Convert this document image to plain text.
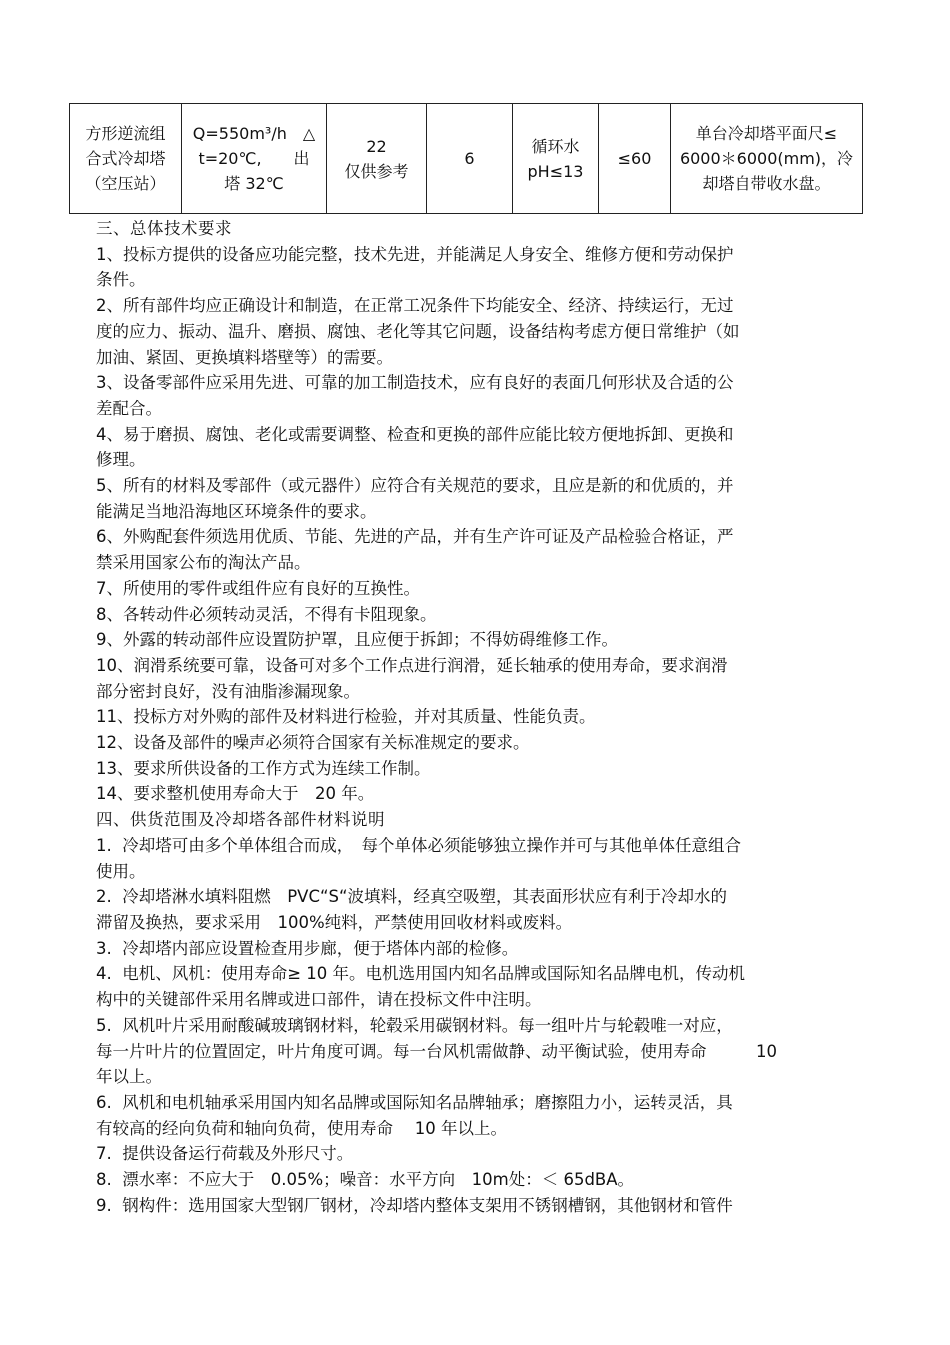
方形逆流组
合式冷却塔
（空压站）

Q=550m³/h　△
t=20℃,　　出
塔 32℃

22
仅供参考

6

循环水
pH≤13

≤60

单台冷却塔平面尺≤
6000＊6000(mm)，冷
却塔自带收水盘。

三、总体技术要求

1、投标方提供的设备应功能完整，技术先进，并能满足人身安全、维修方便和劳动保护

条件。

2、所有部件均应正确设计和制造，在正常工况条件下均能安全、经济、持续运行，无过

度的应力、振动、温升、磨损、腐蚀、老化等其它问题，设备结构考虑方便日常维护（如

加油、紧固、更换填料塔壁等）的需要。

3、设备零部件应采用先进、可靠的加工制造技术，应有良好的表面几何形状及合适的公

差配合。

4、易于磨损、腐蚀、老化或需要调整、检查和更换的部件应能比较方便地拆卸、更换和

修理。

5、所有的材料及零部件（或元器件）应符合有关规范的要求，且应是新的和优质的，并

能满足当地沿海地区环境条件的要求。

6、外购配套件须选用优质、节能、先进的产品，并有生产许可证及产品检验合格证，严

禁采用国家公布的淘汰产品。

7、所使用的零件或组件应有良好的互换性。

8、各转动件必须转动灵活，不得有卡阻现象。

9、外露的转动部件应设置防护罩，且应便于拆卸；不得妨碍维修工作。

10、润滑系统要可靠，设备可对多个工作点进行润滑，延长轴承的使用寿命，要求润滑

部分密封良好，没有油脂渗漏现象。

11、投标方对外购的部件及材料进行检验，并对其质量、性能负责。

12、设备及部件的噪声必须符合国家有关标准规定的要求。

13、要求所供设备的工作方式为连续工作制。

14、要求整机使用寿命大于　20 年。

四、供货范围及冷却塔各部件材料说明

1.  冷却塔可由多个单体组合而成，　每个单体必须能够独立操作并可与其他单体任意组合

使用。

2.  冷却塔淋水填料阻燃　PVC“S“波填料，经真空吸塑，其表面形状应有利于冷却水的

滞留及换热，要求采用　100%纯料，严禁使用回收材料或废料。

3.  冷却塔内部应设置检查用步廊，便于塔体内部的检修。

4.  电机、风机：使用寿命≥ 10 年。电机选用国内知名品牌或国际知名品牌电机，传动机

构中的关键部件采用名牌或进口部件，请在投标文件中注明。

5.  风机叶片采用耐酸碱玻璃钢材料，轮毂采用碳钢材料。每一组叶片与轮毂唯一对应，

每一片叶片的位置固定，叶片角度可调。每一台风机需做静、动平衡试验，使用寿命　　　10

年以上。

6.  风机和电机轴承采用国内知名品牌或国际知名品牌轴承；磨擦阻力小，运转灵活，具

有较高的经向负荷和轴向负荷，使用寿命　 10 年以上。

7.  提供设备运行荷载及外形尺寸。

8.  漂水率：不应大于　0.05%；噪音：水平方向　10m处：＜ 65dBA。

9.  钢构件：选用国家大型钢厂钢材，冷却塔内整体支架用不锈钢槽钢，其他钢材和管件
